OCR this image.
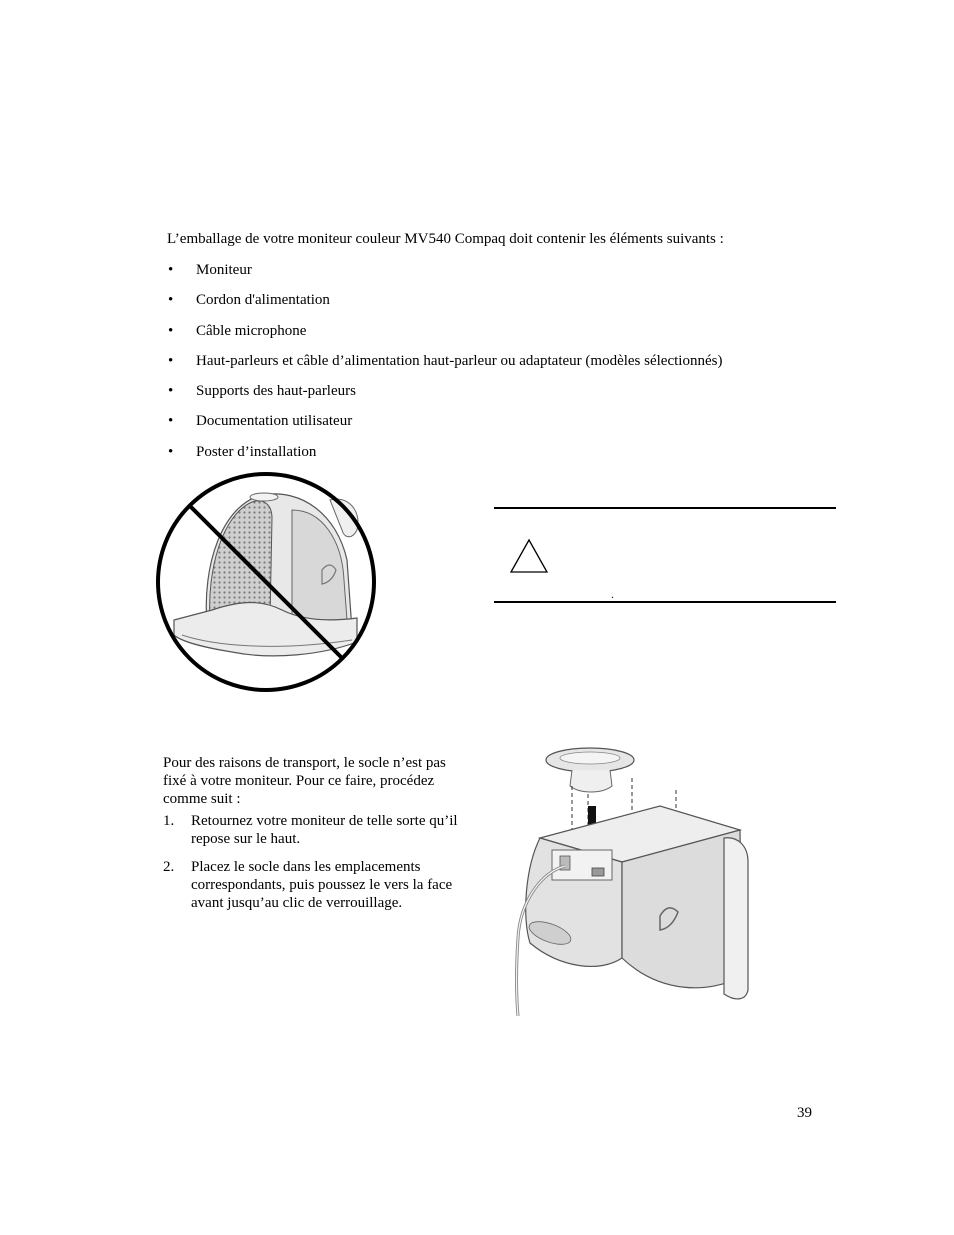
L’emballage de votre moniteur couleur MV540 Compaq doit contenir les éléments suivants :
• Moniteur
• Cordon d'alimentation
• Câble microphone
• Haut-parleurs et câble d’alimentation haut-parleur ou adaptateur (modèles sélectionnés)
• Supports des haut-parleurs
• Documentation utilisateur
• Poster d’installation
.
Pour des raisons de transport, le socle n’est pas fixé à votre moniteur. Pour ce faire, procédez comme suit :
1. Retournez votre moniteur de telle sorte qu’il repose sur le haut.
2. Placez le socle dans les emplacements correspondants, puis poussez le vers la face avant jusqu’au clic de verrouillage.
39
